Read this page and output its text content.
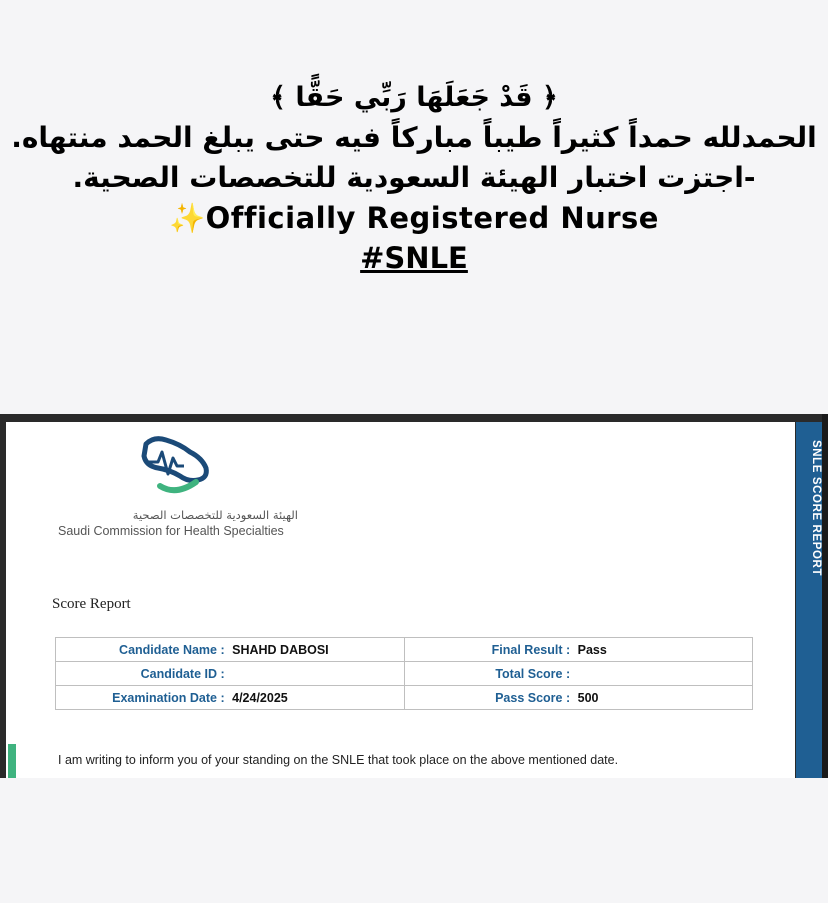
﴿ قَدْ جَعَلَهَا رَبِّي حَقًّا ﴾
الحمدلله حمداً كثيراً طيباً مباركاً فيه حتى يبلغ الحمد منتهاه.
-اجتزت اختبار الهيئة السعودية للتخصصات الصحية.
✨Officially Registered Nurse
#SNLE
الهيئة السعودية للتخصصات الصحية
Saudi Commission for Health Specialties
Score Report
Candidate Name : SHAHD DABOSI	Final Result : Pass
Candidate ID :	Total Score :
Examination Date : 4/24/2025	Pass Score : 500
I am writing to inform you of your standing on the SNLE that took place on the above mentioned date.
SNLE SCORE REPORT
